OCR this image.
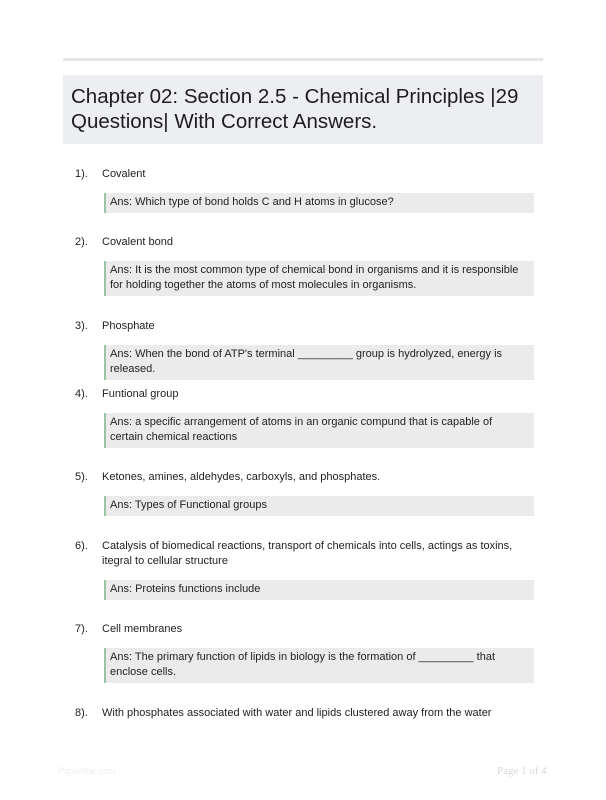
Chapter 02: Section 2.5 - Chemical Principles |29 Questions| With Correct Answers.
1). Covalent
Ans: Which type of bond holds C and H atoms in glucose?
2). Covalent bond
Ans: It is the most common type of chemical bond in organisms and it is responsible for holding together the atoms of most molecules in organisms.
3). Phosphate
Ans: When the bond of ATP's terminal _________ group is hydrolyzed, energy is released.
4). Funtional group
Ans: a specific arrangement of atoms in an organic compund that is capable of certain chemical reactions
5). Ketones, amines, aldehydes, carboxyls, and phosphates.
Ans: Types of Functional groups
6). Catalysis of biomedical reactions, transport of chemicals into cells, actings as toxins, itegral to cellular structure
Ans: Proteins functions include
7). Cell membranes
Ans: The primary function of lipids in biology is the formation of _________ that enclose cells.
8). With phosphates associated with water and lipids clustered away from the water
Paperlibe.com	Page 1 of 4
